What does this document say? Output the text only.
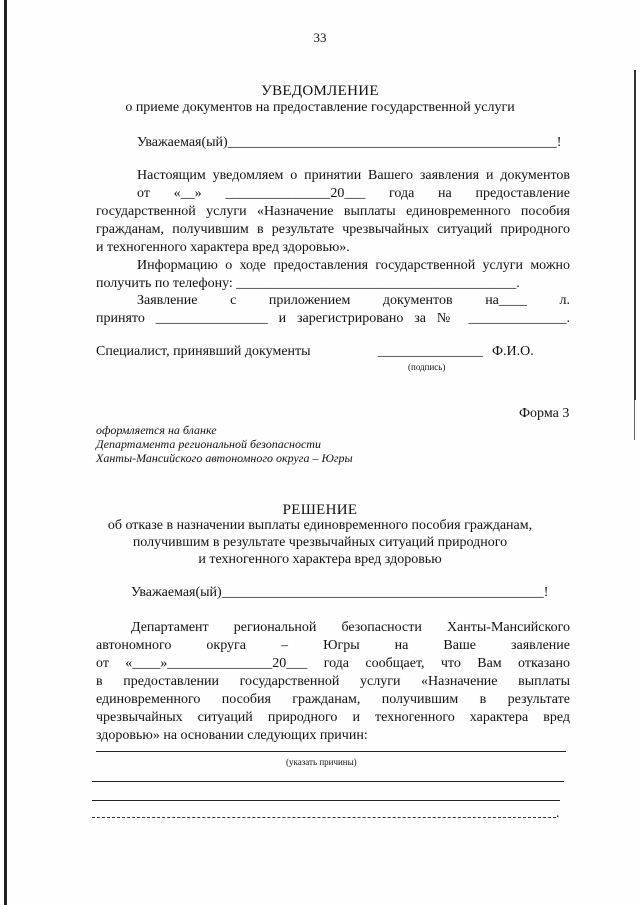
33
УВЕДОМЛЕНИЕ
о приеме документов на предоставление государственной услуги
Уважаемая(ый)_______________________________________________!
Настоящим уведомляем о принятии Вашего заявления и документов
от «__» _______________20___ года на предоставление
государственной услуги «Назначение выплаты единовременного пособия
гражданам, получившим в результате чрезвычайных ситуаций природного
и техногенного характера вред здоровью».
Информацию о ходе предоставления государственной услуги можно
получить по телефону: ________________________________________.
Заявление с приложением документов на____ л.
принято ________________ и зарегистрировано за № ______________.
Специалист, принявший документы	_______________ Ф.И.О.
(подпись)
Форма 3
оформляется на бланке
Департамента региональной безопасности
Ханты-Мансийского автономного округа – Югры
РЕШЕНИЕ
об отказе в назначении выплаты единовременного пособия гражданам,
получившим в результате чрезвычайных ситуаций природного
и техногенного характера вред здоровью
Уважаемая(ый)______________________________________________!
Департамент региональной безопасности Ханты-Мансийского
автономного округа – Югры на Ваше заявление
от «____»_______________20___ года сообщает, что Вам отказано
в предоставлении государственной услуги «Назначение выплаты
единовременного пособия гражданам, получившим в результате
чрезвычайных ситуаций природного и техногенного характера вред
здоровью» на основании следующих причин:
(указать причины)
.
